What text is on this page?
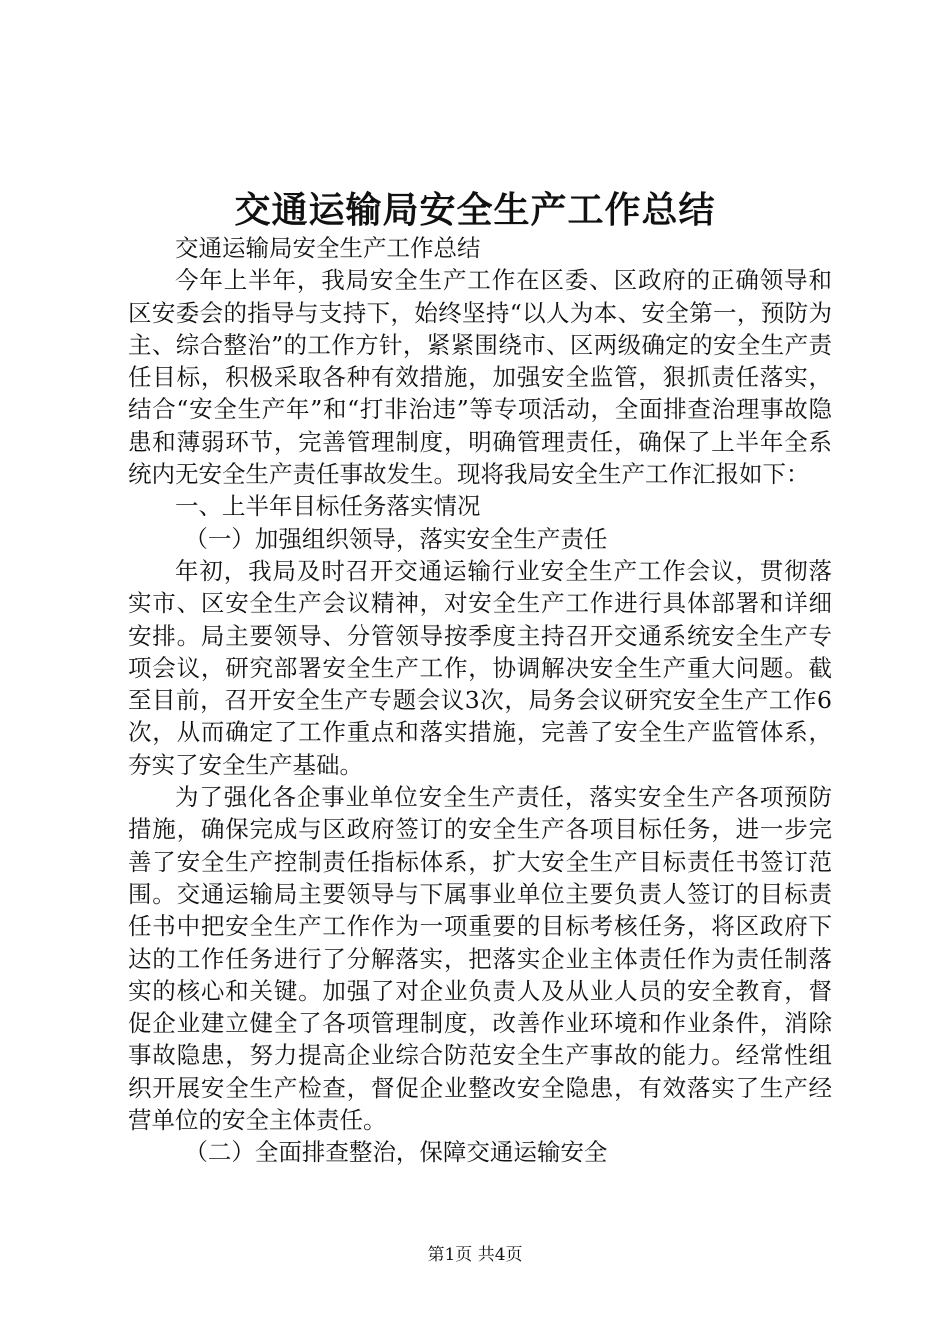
交通运输局安全生产工作总结

交通运输局安全生产工作总结

今年上半年，我局安全生产工作在区委、区政府的正确领导和区安委会的指导与支持下，始终坚持“以人为本、安全第一，预防为主、综合整治”的工作方针，紧紧围绕市、区两级确定的安全生产责任目标，积极采取各种有效措施，加强安全监管，狠抓责任落实，结合“安全生产年”和“打非治违”等专项活动，全面排查治理事故隐患和薄弱环节，完善管理制度，明确管理责任，确保了上半年全系统内无安全生产责任事故发生。现将我局安全生产工作汇报如下：

一、上半年目标任务落实情况

（一）加强组织领导，落实安全生产责任

年初，我局及时召开交通运输行业安全生产工作会议，贯彻落实市、区安全生产会议精神，对安全生产工作进行具体部署和详细安排。局主要领导、分管领导按季度主持召开交通系统安全生产专项会议，研究部署安全生产工作，协调解决安全生产重大问题。截至目前，召开安全生产专题会议3次，局务会议研究安全生产工作6次，从而确定了工作重点和落实措施，完善了安全生产监管体系，夯实了安全生产基础。

为了强化各企事业单位安全生产责任，落实安全生产各项预防措施，确保完成与区政府签订的安全生产各项目标任务，进一步完善了安全生产控制责任指标体系，扩大安全生产目标责任书签订范围。交通运输局主要领导与下属事业单位主要负责人签订的目标责任书中把安全生产工作作为一项重要的目标考核任务，将区政府下达的工作任务进行了分解落实，把落实企业主体责任作为责任制落实的核心和关键。加强了对企业负责人及从业人员的安全教育，督促企业建立健全了各项管理制度，改善作业环境和作业条件，消除事故隐患，努力提高企业综合防范安全生产事故的能力。经常性组织开展安全生产检查，督促企业整改安全隐患，有效落实了生产经营单位的安全主体责任。

（二）全面排查整治，保障交通运输安全

第1页 共4页
